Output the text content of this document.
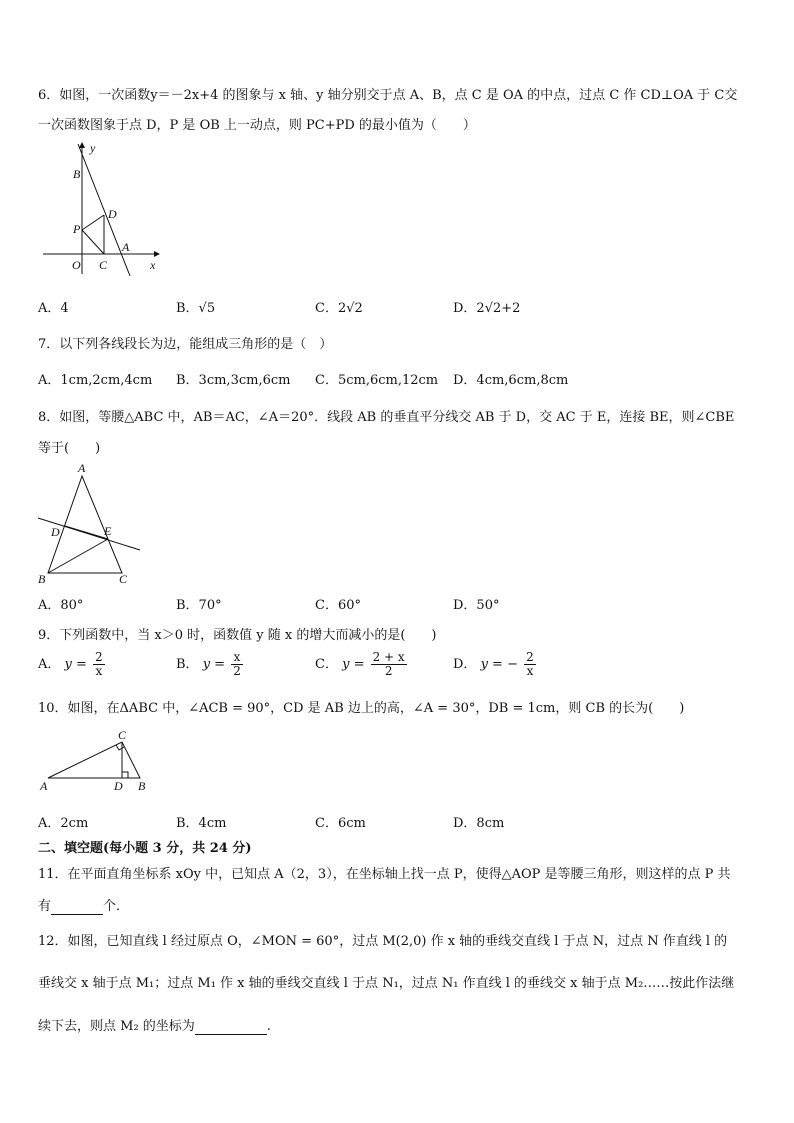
6．如图，一次函数y＝－2x+4 的图象与 x 轴、y 轴分别交于点 A、B，点 C 是 OA 的中点，过点 C 作 CD⊥OA 于 C交
一次函数图象于点 D，P 是 OB 上一动点，则 PC+PD 的最小值为（　　）
y
B
D
P
A
O C	x
A．4	B．√5	C．2√2	D．2√2+2
7．以下列各线段长为边，能组成三角形的是（　）
A．1cm,2cm,4cm B．3cm,3cm,6cm C．5cm,6cm,12cm D．4cm,6cm,8cm
8．如图，等腰△ABC 中，AB＝AC，∠A＝20°．线段 AB 的垂直平分线交 AB 于 D，交 AC 于 E，连接 BE，则∠CBE
等于(　　)
A
D	E
B	C
A．80°	B．70°	C．60°	D．50°
9．下列函数中，当 x＞0 时，函数值 y 随 x 的增大而减小的是(　　)
A． $y = \frac{2}{x}$	B． $y = \frac{x}{2}$	C． $y = \frac{2 + x}{2}$	D． y = − $\frac{2}{x}$
10．如图，在ΔABC 中，∠ACB = 90°，CD 是 AB 边上的高，∠A = 30°，DB = 1cm，则 CB 的长为(　　)
C
A	D B
A．2cm	B．4cm	C．6cm	D．8cm
二、填空题(每小题 3 分，共 24 分)
11．在平面直角坐标系 xOy 中，已知点 A（2，3），在坐标轴上找一点 P，使得△AOP 是等腰三角形，则这样的点 P 共
有	个．
12．如图，已知直线 l 经过原点 O，∠MON = 60°，过点 M(2,0) 作 x 轴的垂线交直线 l 于点 N，过点 N 作直线 l 的
垂线交 x 轴于点 M₁；过点 M₁ 作 x 轴的垂线交直线 l 于点 N₁，过点 N₁ 作直线 l 的垂线交 x 轴于点 M₂……按此作法继
续下去，则点 M₂ 的坐标为	.
